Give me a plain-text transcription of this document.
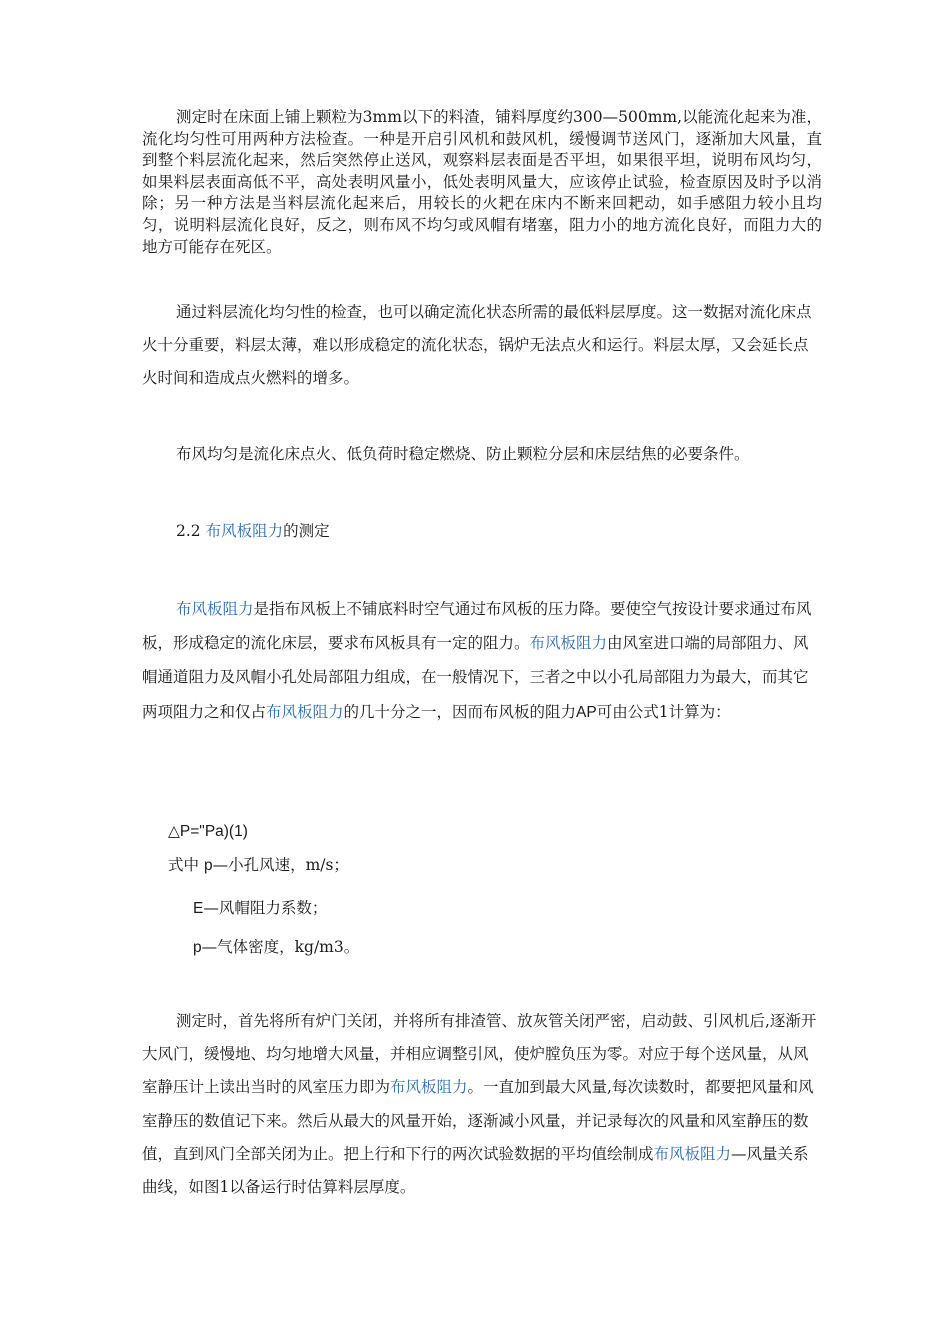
测定时在床面上铺上颗粒为3mm以下的料渣，铺料厚度约300—500mm,以能流化起来为准，流化均匀性可用两种方法检查。一种是开启引风机和鼓风机，缓慢调节送风门，逐渐加大风量，直到整个料层流化起来，然后突然停止送风，观察料层表面是否平坦，如果很平坦，说明布风均匀，如果料层表面高低不平，高处表明风量小，低处表明风量大，应该停止试验，检查原因及时予以消除；另一种方法是当料层流化起来后，用较长的火耙在床内不断来回耙动，如手感阻力较小且均匀，说明料层流化良好，反之，则布风不均匀或风帽有堵塞，阻力小的地方流化良好，而阻力大的地方可能存在死区。

通过料层流化均匀性的检查，也可以确定流化状态所需的最低料层厚度。这一数据对流化床点火十分重要，料层太薄，难以形成稳定的流化状态，锅炉无法点火和运行。料层太厚，又会延长点火时间和造成点火燃料的增多。

布风均匀是流化床点火、低负荷时稳定燃烧、防止颗粒分层和床层结焦的必要条件。

2.2 布风板阻力的测定

布风板阻力是指布风板上不铺底料时空气通过布风板的压力降。要使空气按设计要求通过布风板，形成稳定的流化床层，要求布风板具有一定的阻力。布风板阻力由风室进口端的局部阻力、风帽通道阻力及风帽小孔处局部阻力组成，在一般情况下，三者之中以小孔局部阻力为最大，而其它两项阻力之和仅占布风板阻力的几十分之一，因而布风板的阻力AP可由公式1计算为：

△P="Pa)(1)
式中 p—小孔风速，m/s；
E—风帽阻力系数；
p—气体密度，kg/m3。

测定时，首先将所有炉门关闭，并将所有排渣管、放灰管关闭严密，启动鼓、引风机后,逐渐开大风门，缓慢地、均匀地增大风量，并相应调整引风，使炉膛负压为零。对应于每个送风量，从风室静压计上读出当时的风室压力即为布风板阻力。一直加到最大风量,每次读数时，都要把风量和风室静压的数值记下来。然后从最大的风量开始，逐渐减小风量，并记录每次的风量和风室静压的数值，直到风门全部关闭为止。把上行和下行的两次试验数据的平均值绘制成布风板阻力—风量关系曲线，如图1以备运行时估算料层厚度。
